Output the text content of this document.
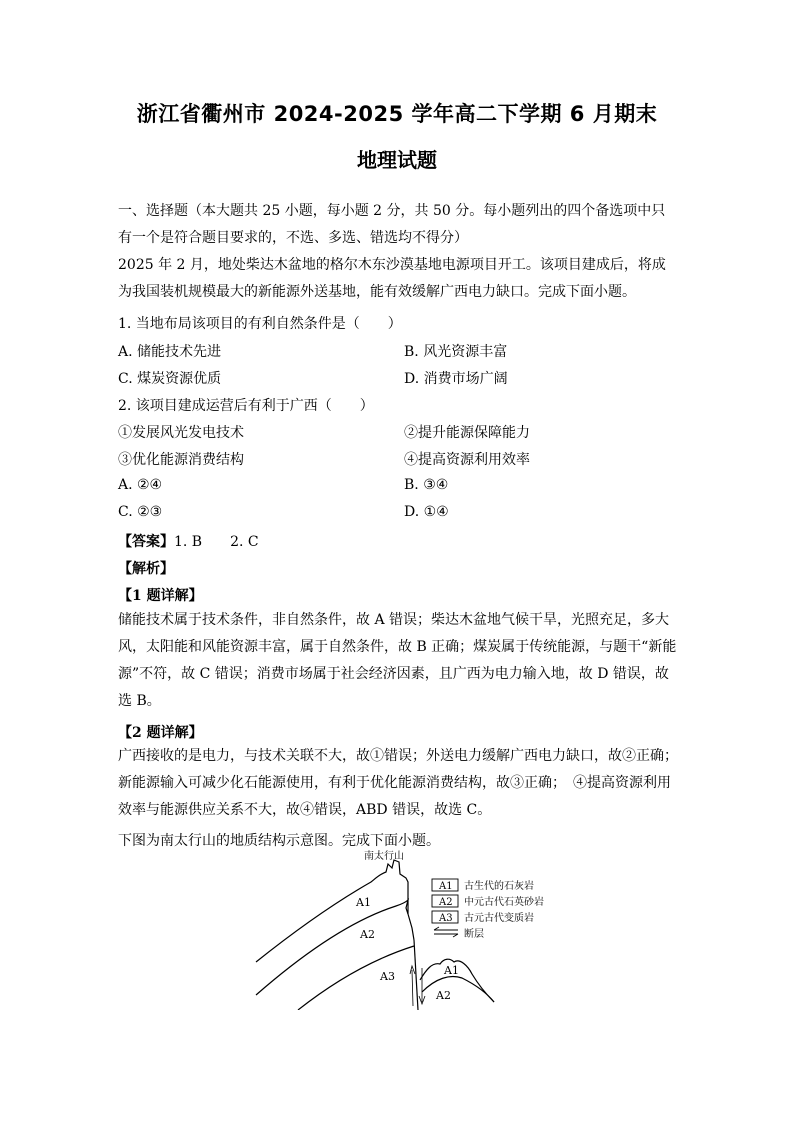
浙江省衢州市 2024-2025 学年高二下学期 6 月期末
地理试题
一、选择题（本大题共 25 小题，每小题 2 分，共 50 分。每小题列出的四个备选项中只有一个是符合题目要求的，不选、多选、错选均不得分）
2025 年 2 月，地处柴达木盆地的格尔木东沙漠基地电源项目开工。该项目建成后，将成为我国装机规模最大的新能源外送基地，能有效缓解广西电力缺口。完成下面小题。
1. 当地布局该项目的有利自然条件是（　　）
A. 储能技术先进	B. 风光资源丰富
C. 煤炭资源优质	D. 消费市场广阔
2. 该项目建成运营后有利于广西（　　）
①发展风光发电技术	②提升能源保障能力
③优化能源消费结构	④提高资源利用效率
A. ②④	B. ③④
C. ②③	D. ①④
【答案】1. B　　2. C
【解析】
【1 题详解】
储能技术属于技术条件，非自然条件，故 A 错误；柴达木盆地气候干旱，光照充足，多大风，太阳能和风能资源丰富，属于自然条件，故 B 正确；煤炭属于传统能源，与题干“新能源”不符，故 C 错误；消费市场属于社会经济因素，且广西为电力输入地，故 D 错误，故选 B。
【2 题详解】
广西接收的是电力，与技术关联不大，故①错误；外送电力缓解广西电力缺口，故②正确；新能源输入可减少化石能源使用，有利于优化能源消费结构，故③正确；　④提高资源利用效率与能源供应关系不大，故④错误，ABD 错误，故选 C。
下图为南太行山的地质结构示意图。完成下面小题。
南太行山
A1
A2
A3	A1
A2
A1 古生代的石灰岩
A2 中元古代石英砂岩
A3 古元古代变质岩
断层
